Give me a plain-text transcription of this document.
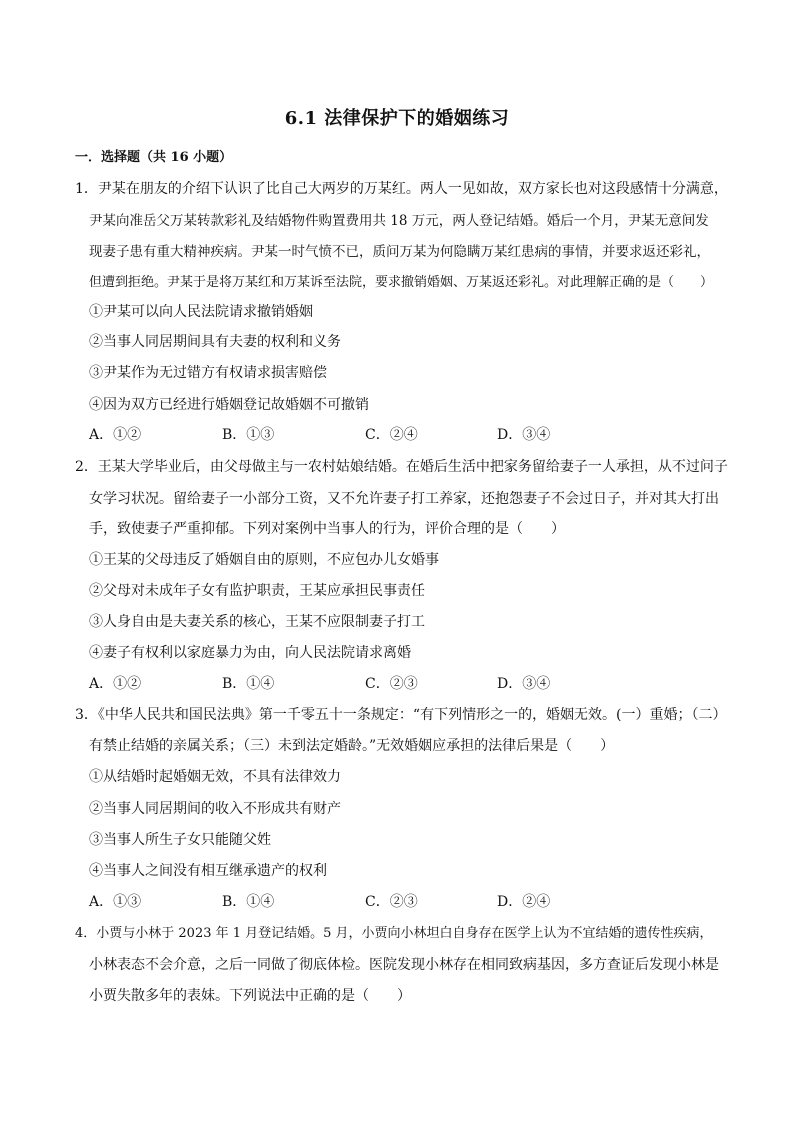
6.1 法律保护下的婚姻练习
一．选择题（共 16 小题）
1．尹某在朋友的介绍下认识了比自己大两岁的万某红。两人一见如故，双方家长也对这段感情十分满意，
尹某向准岳父万某转款彩礼及结婚物件购置费用共 18 万元，两人登记结婚。婚后一个月，尹某无意间发
现妻子患有重大精神疾病。尹某一时气愤不已，质问万某为何隐瞒万某红患病的事情，并要求返还彩礼，
但遭到拒绝。尹某于是将万某红和万某诉至法院，要求撤销婚姻、万某返还彩礼。对此理解正确的是（　　）
①尹某可以向人民法院请求撤销婚姻
②当事人同居期间具有夫妻的权利和义务
③尹某作为无过错方有权请求损害赔偿
④因为双方已经进行婚姻登记故婚姻不可撤销
A．①②	B．①③	C．②④	D．③④
2．王某大学毕业后，由父母做主与一农村姑娘结婚。在婚后生活中把家务留给妻子一人承担，从不过问子
女学习状况。留给妻子一小部分工资，又不允许妻子打工养家，还抱怨妻子不会过日子，并对其大打出
手，致使妻子严重抑郁。下列对案例中当事人的行为，评价合理的是（　　）
①王某的父母违反了婚姻自由的原则，不应包办儿女婚事
②父母对未成年子女有监护职责，王某应承担民事责任
③人身自由是夫妻关系的核心，王某不应限制妻子打工
④妻子有权利以家庭暴力为由，向人民法院请求离婚
A．①②	B．①④	C．②③	D．③④
3．《中华人民共和国民法典》第一千零五十一条规定：“有下列情形之一的，婚姻无效。(一）重婚；（二）
有禁止结婚的亲属关系；（三）未到法定婚龄。”无效婚姻应承担的法律后果是（　　）
①从结婚时起婚姻无效，不具有法律效力
②当事人同居期间的收入不形成共有财产
③当事人所生子女只能随父姓
④当事人之间没有相互继承遗产的权利
A．①③	B．①④	C．②③	D．②④
4．小贾与小林于 2023 年 1 月登记结婚。5 月，小贾向小林坦白自身存在医学上认为不宜结婚的遗传性疾病，
小林表态不会介意，之后一同做了彻底体检。医院发现小林存在相同致病基因，多方查证后发现小林是
小贾失散多年的表妹。下列说法中正确的是（　　）
